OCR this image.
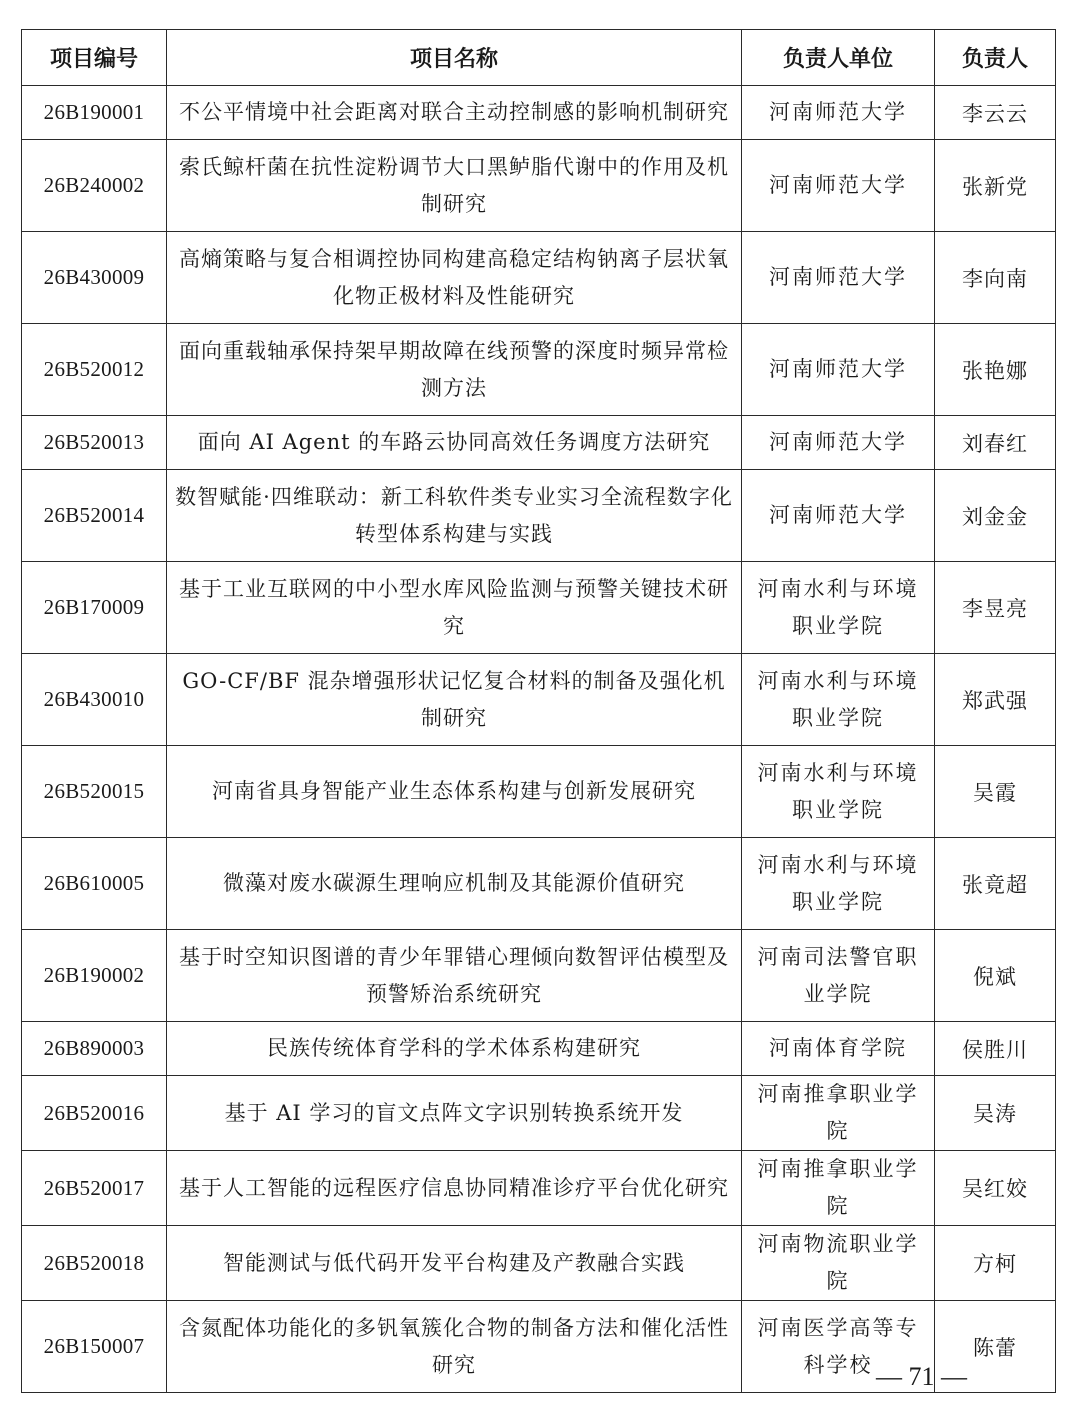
项目编号	项目名称	负责人单位	负责人
26B190001	不公平情境中社会距离对联合主动控制感的影响机制研究	河南师范大学	李云云
26B240002	索氏鲸杆菌在抗性淀粉调节大口黑鲈脂代谢中的作用及机制研究	河南师范大学	张新党
26B430009	高熵策略与复合相调控协同构建高稳定结构钠离子层状氧化物正极材料及性能研究	河南师范大学	李向南
26B520012	面向重载轴承保持架早期故障在线预警的深度时频异常检测方法	河南师范大学	张艳娜
26B520013	面向 AI Agent 的车路云协同高效任务调度方法研究	河南师范大学	刘春红
26B520014	数智赋能·四维联动：新工科软件类专业实习全流程数字化转型体系构建与实践	河南师范大学	刘金金
26B170009	基于工业互联网的中小型水库风险监测与预警关键技术研究	河南水利与环境职业学院	李昱亮
26B430010	GO-CF/BF 混杂增强形状记忆复合材料的制备及强化机制研究	河南水利与环境职业学院	郑武强
26B520015	河南省具身智能产业生态体系构建与创新发展研究	河南水利与环境职业学院	吴霞
26B610005	微藻对废水碳源生理响应机制及其能源价值研究	河南水利与环境职业学院	张竟超
26B190002	基于时空知识图谱的青少年罪错心理倾向数智评估模型及预警矫治系统研究	河南司法警官职业学院	倪斌
26B890003	民族传统体育学科的学术体系构建研究	河南体育学院	侯胜川
26B520016	基于 AI 学习的盲文点阵文字识别转换系统开发	河南推拿职业学院	吴涛
26B520017	基于人工智能的远程医疗信息协同精准诊疗平台优化研究	河南推拿职业学院	吴红姣
26B520018	智能测试与低代码开发平台构建及产教融合实践	河南物流职业学院	方柯
26B150007	含氮配体功能化的多钒氧簇化合物的制备方法和催化活性研究	河南医学高等专科学校	陈蕾
— 71 —
